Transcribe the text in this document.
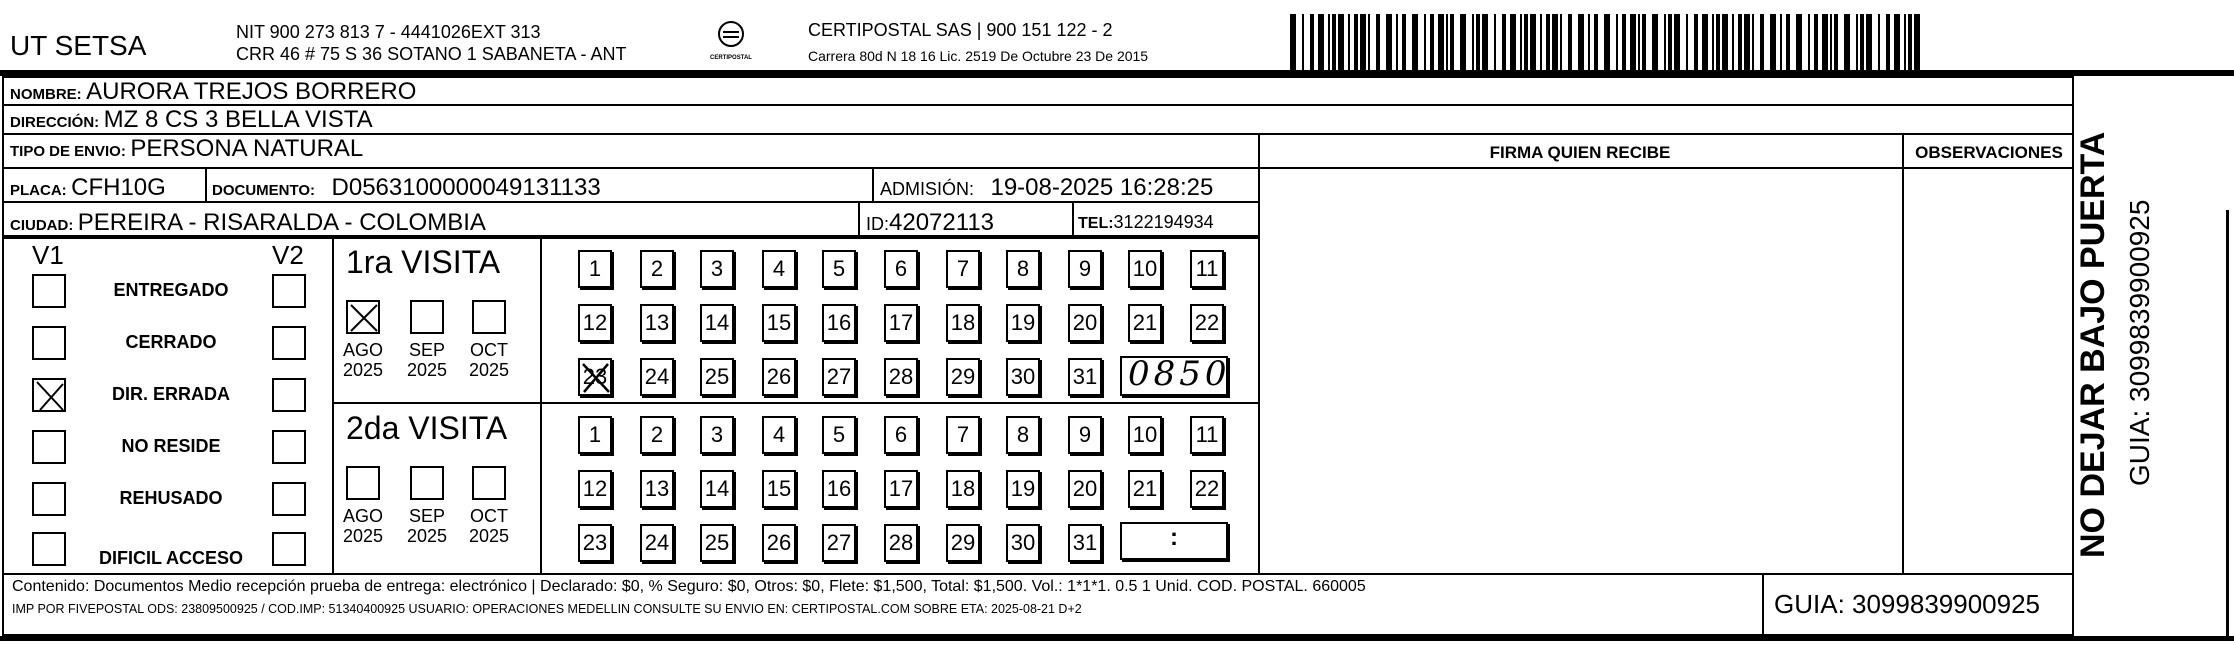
UT SETSA	NIT 900 273 813 7 - 4441026EXT 313
CRR 46 # 75 S 36 SOTANO 1 SABANETA - ANT	CERTIPOSTAL
CERTIPOSTAL SAS | 900 151 122 - 2
Carrera 80d N 18 16 Lic. 2519 De Octubre 23 De 2015
NOMBRE: AURORA TREJOS BORRERO
DIRECCIÓN: MZ 8 CS 3 BELLA VISTA
TIPO DE ENVIO: PERSONA NATURAL
PLACA: CFH10G	DOCUMENTO: D0563100000049131133	ADMISIÓN: 19-08-2025 16:28:25
CIUDAD: PEREIRA - RISARALDA - COLOMBIA	ID:42072113	TEL:3122194934
FIRMA QUIEN RECIBE	OBSERVACIONES
V1	V2
ENTREGADO
CERRADO
DIR. ERRADA
NO RESIDE
REHUSADO
DIFICIL ACCESO
1ra VISITA
2da VISITA
AGO
2025
SEP
2025
OCT
2025
AGO
2025
SEP
2025
OCT
2025
1 2 3 4 5 6 7 8 9 10 11
12 13 14 15 16 17 18 19 20 21 22
23 24 25 26 27 28 29 30 31
1 2 3 4 5 6 7 8 9 10 11
12 13 14 15 16 17 18 19 20 21 22
23 24 25 26 27 28 29 30 31
0850
:
Contenido: Documentos Medio recepción prueba de entrega: electrónico | Declarado: $0, % Seguro: $0, Otros: $0, Flete: $1,500, Total: $1,500. Vol.: 1*1*1. 0.5 1 Unid. COD. POSTAL. 660005
IMP POR FIVEPOSTAL ODS: 23809500925 / COD.IMP: 51340400925 USUARIO: OPERACIONES MEDELLIN CONSULTE SU ENVIO EN: CERTIPOSTAL.COM SOBRE ETA: 2025-08-21 D+2	GUIA: 3099839900925
NO DEJAR BAJO PUERTA GUIA: 3099839900925
